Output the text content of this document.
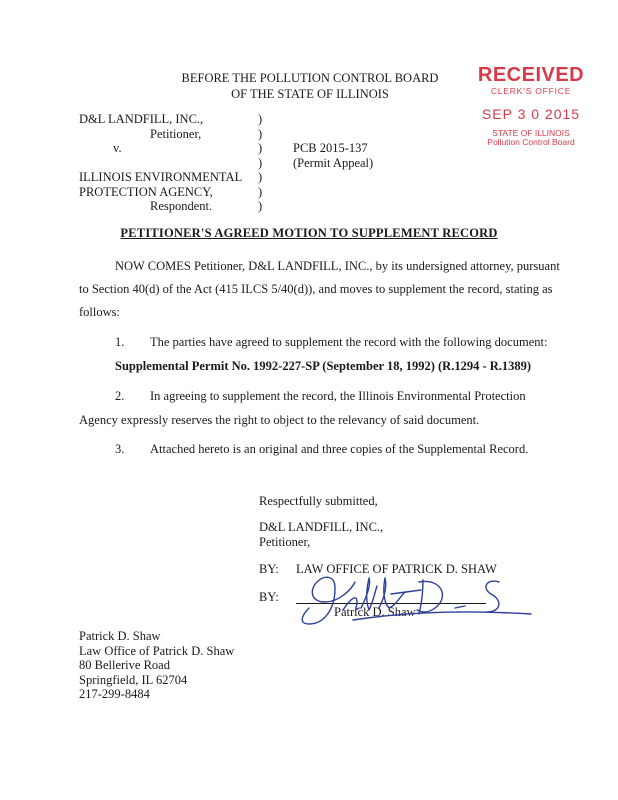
BEFORE THE POLLUTION CONTROL BOARD
OF THE STATE OF ILLINOIS
RECEIVED
CLERK'S OFFICE
SEP 3 0 2015
STATE OF ILLINOIS
Pollution Control Board
D&L LANDFILL, INC.,
Petitioner,
v.
ILLINOIS ENVIRONMENTAL
PROTECTION AGENCY,
Respondent.
)
)
)
)
)
)
)
PCB 2015-137
(Permit Appeal)
PETITIONER'S AGREED MOTION TO SUPPLEMENT RECORD
NOW COMES Petitioner, D&L LANDFILL, INC., by its undersigned attorney, pursuant
to Section 40(d) of the Act (415 ILCS 5/40(d)), and moves to supplement the record, stating as
follows:
1. The parties have agreed to supplement the record with the following document:
Supplemental Permit No. 1992-227-SP (September 18, 1992) (R.1294 - R.1389)
2. In agreeing to supplement the record, the Illinois Environmental Protection
Agency expressly reserves the right to object to the relevancy of said document.
3. Attached hereto is an original and three copies of the Supplemental Record.
Respectfully submitted,
D&L LANDFILL, INC.,
Petitioner,
BY: LAW OFFICE OF PATRICK D. SHAW
BY:
Patrick D. Shaw
Patrick D. Shaw
Law Office of Patrick D. Shaw
80 Bellerive Road
Springfield, IL 62704
217-299-8484
